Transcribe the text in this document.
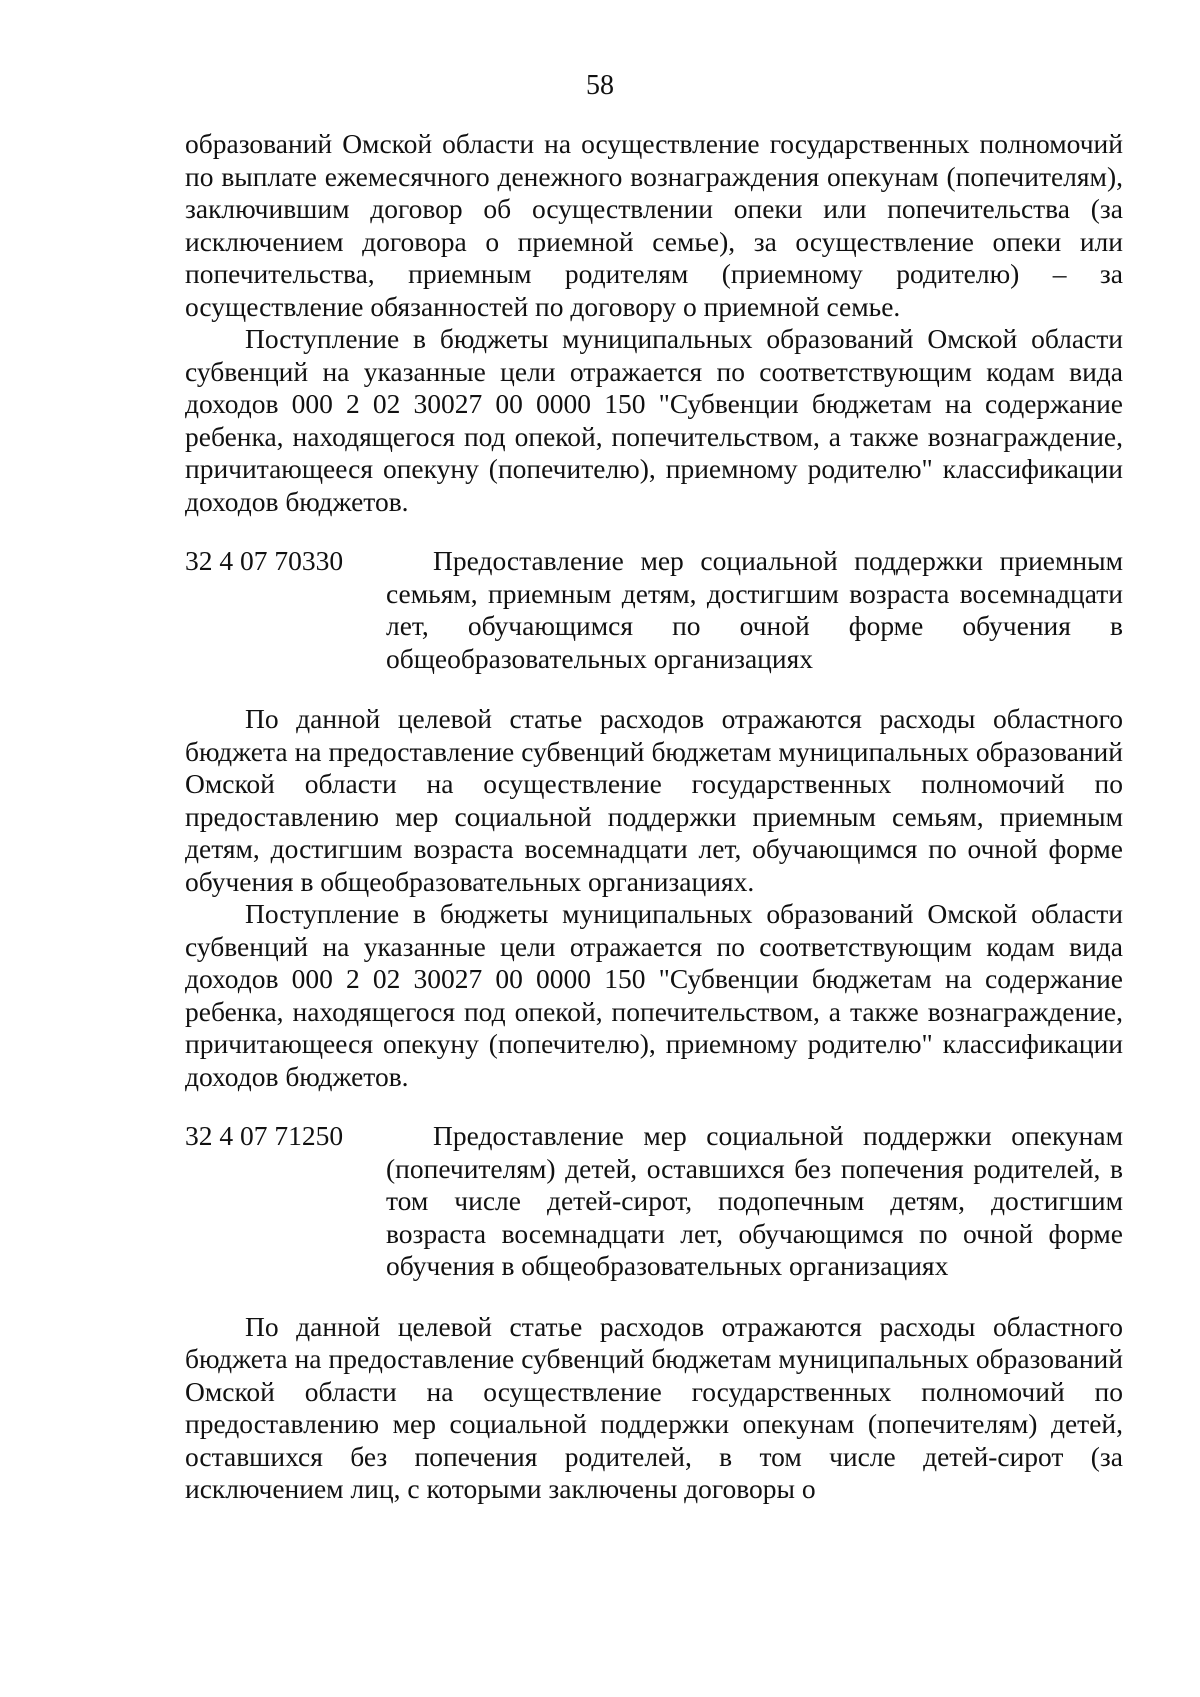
58

образований Омской области на осуществление государственных полномочий по выплате ежемесячного денежного вознаграждения опекунам (попечителям), заключившим договор об осуществлении опеки или попечительства (за исключением договора о приемной семье), за осуществление опеки или попечительства, приемным родителям (приемному родителю) – за осуществление обязанностей по договору о приемной семье.

Поступление в бюджеты муниципальных образований Омской области субвенций на указанные цели отражается по соответствующим кодам вида доходов 000 2 02 30027 00 0000 150 "Субвенции бюджетам на содержание ребенка, находящегося под опекой, попечительством, а также вознаграждение, причитающееся опекуну (попечителю), приемному родителю" классификации доходов бюджетов.

32 4 07 70330	Предоставление мер социальной поддержки приемным семьям, приемным детям, достигшим возраста восемнадцати лет, обучающимся по очной форме обучения в общеобразовательных организациях

По данной целевой статье расходов отражаются расходы областного бюджета на предоставление субвенций бюджетам муниципальных образований Омской области на осуществление государственных полномочий по предоставлению мер социальной поддержки приемным семьям, приемным детям, достигшим возраста восемнадцати лет, обучающимся по очной форме обучения в общеобразовательных организациях.

Поступление в бюджеты муниципальных образований Омской области субвенций на указанные цели отражается по соответствующим кодам вида доходов 000 2 02 30027 00 0000 150 "Субвенции бюджетам на содержание ребенка, находящегося под опекой, попечительством, а также вознаграждение, причитающееся опекуну (попечителю), приемному родителю" классификации доходов бюджетов.

32 4 07 71250	Предоставление мер социальной поддержки опекунам (попечителям) детей, оставшихся без попечения родителей, в том числе детей-сирот, подопечным детям, достигшим возраста восемнадцати лет, обучающимся по очной форме обучения в общеобразовательных организациях

По данной целевой статье расходов отражаются расходы областного бюджета на предоставление субвенций бюджетам муниципальных образований Омской области на осуществление государственных полномочий по предоставлению мер социальной поддержки опекунам (попечителям) детей, оставшихся без попечения родителей, в том числе детей-сирот (за исключением лиц, с которыми заключены договоры о
